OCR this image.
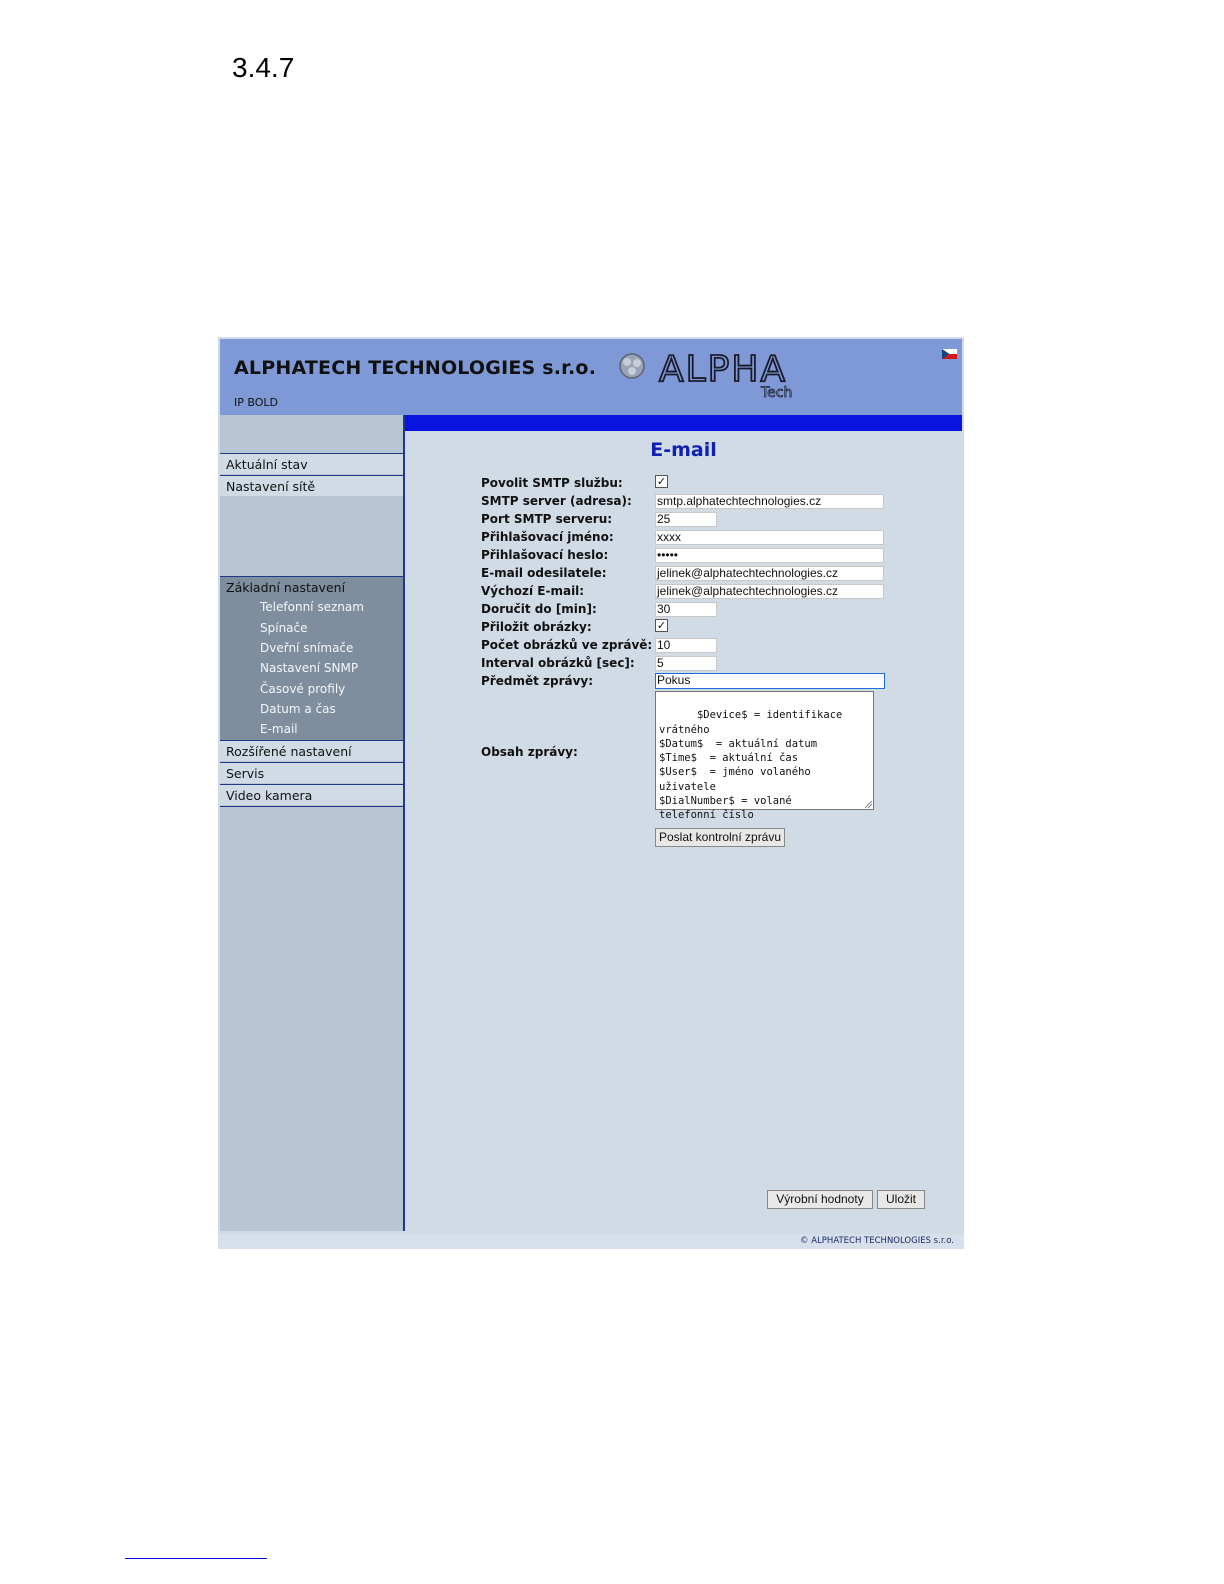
3.4.7
ALPHATECH TECHNOLOGIES s.r.o.
IP BOLD
ALPHA
Tech
Aktuální stav
Nastavení sítě
Základní nastavení
Telefonní seznam
Spínače
Dveřní snímače
Nastavení SNMP
Časové profily
Datum a čas
E-mail
Rozšířené nastavení
Servis
Video kamera
E-mail
Povolit SMTP službu:	✓
SMTP server (adresa): smtp.alphatechtechnologies.cz
Port SMTP serveru:	25
Přihlašovací jméno:	xxxx
Přihlašovací heslo:	•••••
E-mail odesilatele:	jelinek@alphatechtechnologies.cz
Výchozí E-mail:	jelinek@alphatechtechnologies.cz
Doručit do [min]:	30
Přiložit obrázky:	✓
Počet obrázků ve zprávě: 10
Interval obrázků [sec]: 5
Předmět zprávy:	Pokus
Obsah zprávy:

$Device$ = identifikace
vrátného
$Datum$  = aktuální datum
$Time$  = aktuální čas
$User$  = jméno volaného
uživatele
$DialNumber$ = volané
telefonní číslo

Poslat kontrolní zprávu
Výrobní hodnoty	Uložit
© ALPHATECH TECHNOLOGIES s.r.o.
